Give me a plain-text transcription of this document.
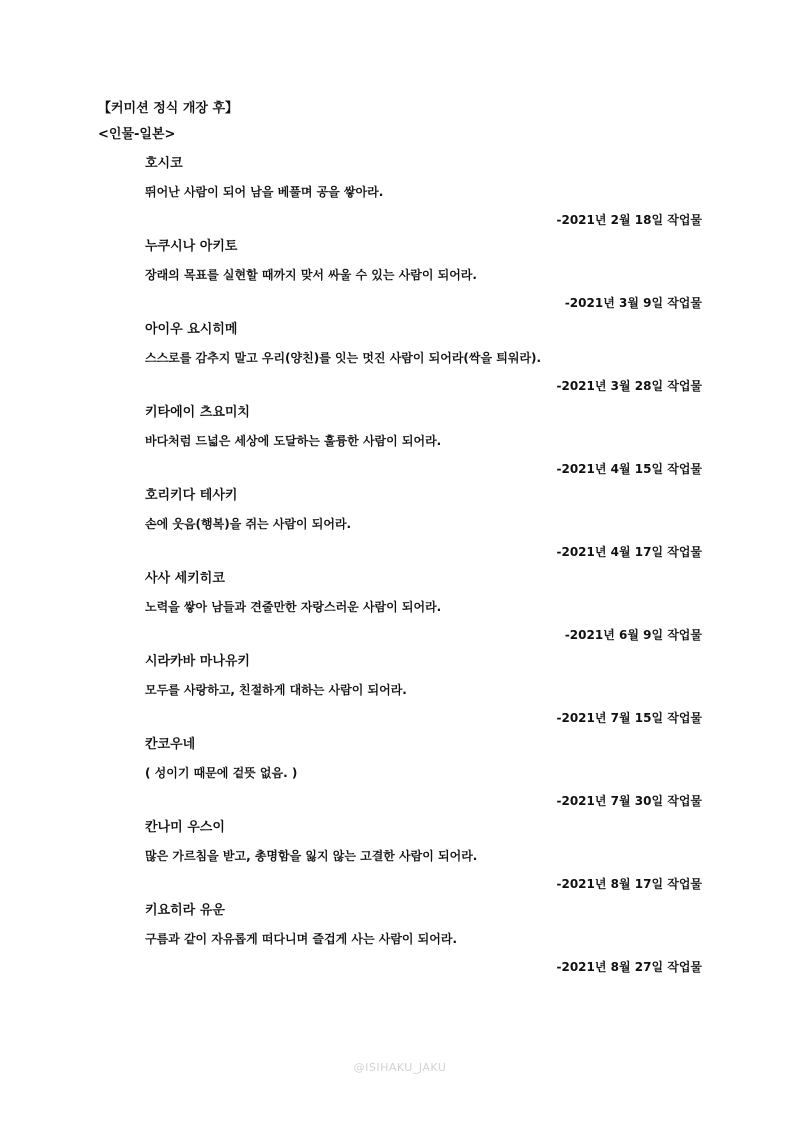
【커미션 정식 개장 후】
<인물-일본>
호시코
뛰어난 사람이 되어 남을 베풀며 공을 쌓아라.
-2021년 2월 18일 작업물
누쿠시나 아키토
장래의 목표를 실현할 때까지 맞서 싸울 수 있는 사람이 되어라.
-2021년 3월 9일 작업물
아이우 요시히메
스스로를 감추지 말고 우리(양친)를 잇는 멋진 사람이 되어라(싹을 틔워라).
-2021년 3월 28일 작업물
키타에이 츠요미치
바다처럼 드넓은 세상에 도달하는 훌륭한 사람이 되어라.
-2021년 4월 15일 작업물
호리키다 테사키
손에 웃음(행복)을 쥐는 사람이 되어라.
-2021년 4월 17일 작업물
사사 세키히코
노력을 쌓아 남들과 견줄만한 자랑스러운 사람이 되어라.
-2021년 6월 9일 작업물
시라카바 마나유키
모두를 사랑하고, 친절하게 대하는 사람이 되어라.
-2021년 7월 15일 작업물
칸코우네
( 성이기 때문에 겉뜻 없음. )
-2021년 7월 30일 작업물
칸나미 우스이
많은 가르침을 받고, 총명함을 잃지 않는 고결한 사람이 되어라.
-2021년 8월 17일 작업물
키요히라 유운
구름과 같이 자유롭게 떠다니며 즐겁게 사는 사람이 되어라.
-2021년 8월 27일 작업물
@ISIHAKU_JAKU
